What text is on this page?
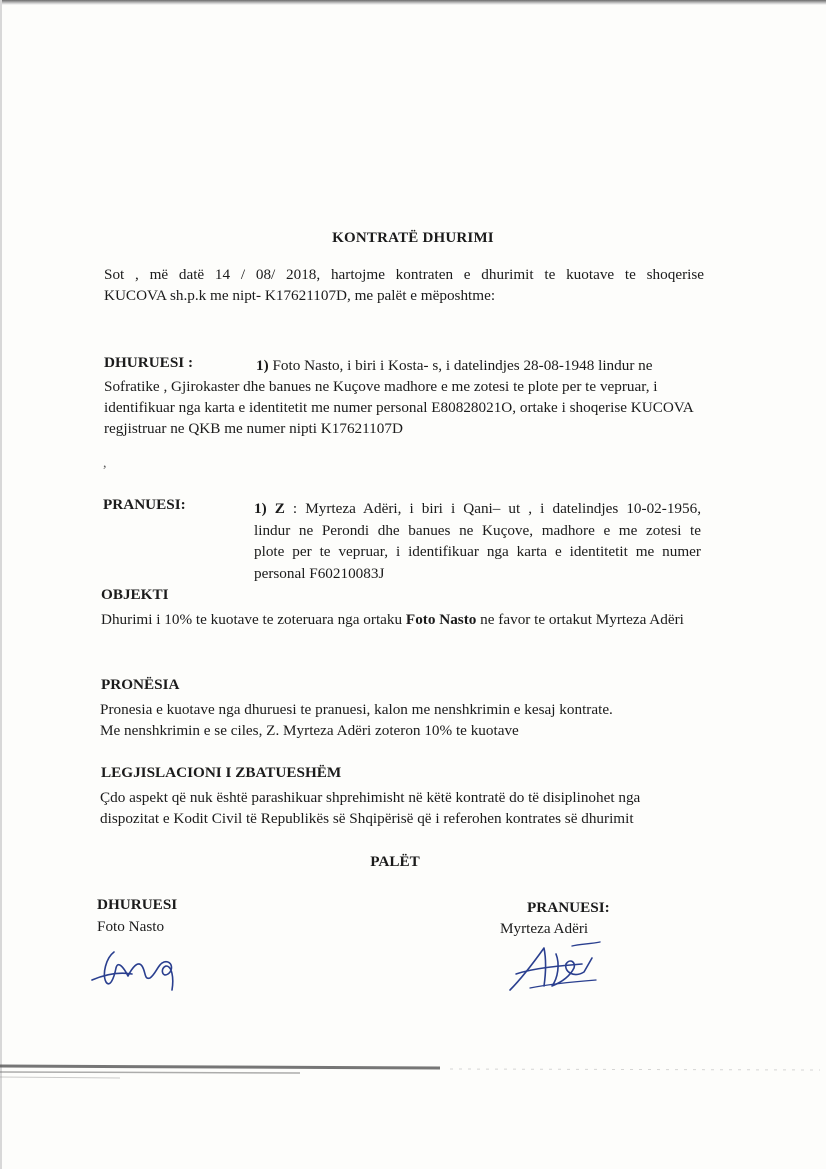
KONTRATË DHURIMI

Sot , më datë 14 / 08/ 2018, hartojme kontraten e dhurimit te kuotave te shoqerise
KUCOVA sh.p.k me nipt- K17621107D, me palët e mëposhtme:

DHURUESI :	1) Foto Nasto, i biri i Kosta- s, i datelindjes 28-08-1948 lindur ne Sofratike , Gjirokaster dhe banues ne Kuçove madhore e me zotesi te plote per te vepruar, i identifikuar nga karta e identitetit me numer personal E80828021O, ortake i shoqerise KUCOVA regjistruar ne QKB me numer nipti K17621107D

,
PRANUESI:	1) Z : Myrteza Adëri, i biri i Qani– ut , i datelindjes 10-02-1956,
lindur ne Perondi dhe banues ne Kuçove, madhore e me zotesi te
plote per te vepruar, i identifikuar nga karta e identitetit me numer
personal F60210083J

OBJEKTI

Dhurimi i 10% te kuotave te zoteruara nga ortaku Foto Nasto ne favor te ortakut Myrteza Adëri

PRONËSIA

Pronesia e kuotave nga dhuruesi te pranuesi, kalon me nenshkrimin e kesaj kontrate.
Me nenshkrimin e se ciles, Z. Myrteza Adëri zoteron 10% te kuotave

LEGJISLACIONI I ZBATUESHËM

Çdo aspekt që nuk është parashikuar shprehimisht në këtë kontratë do të disiplinohet nga
dispozitat e Kodit Civil të Republikës së Shqipërisë që i referohen kontrates së dhurimit

PALËT
DHURUESI
Foto Nasto
PRANUESI:
Myrteza Adëri
